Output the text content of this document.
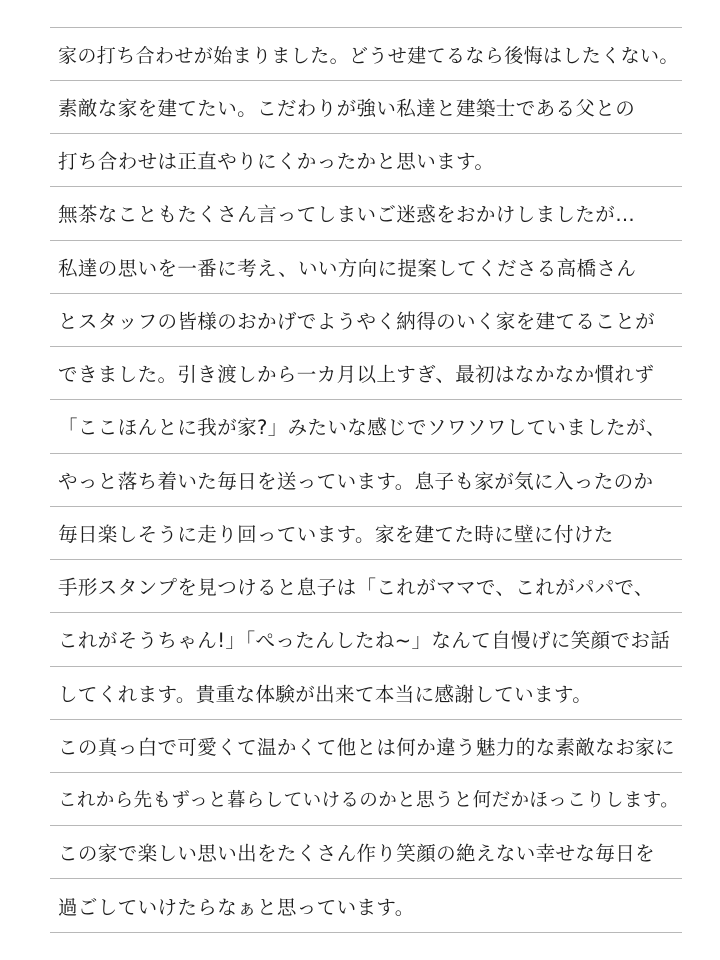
家の打ち合わせが始まりました。どうせ建てるなら後悔はしたくない。
素敵な家を建てたい。こだわりが強い私達と建築士である父との
打ち合わせは正直やりにくかったかと思います。
無茶なこともたくさん言ってしまいご迷惑をおかけしましたが…
私達の思いを一番に考え、いい方向に提案してくださる高橋さん
とスタッフの皆様のおかげでようやく納得のいく家を建てることが
できました。引き渡しから一カ月以上すぎ、最初はなかなか慣れず
「ここほんとに我が家?」みたいな感じでソワソワしていましたが、
やっと落ち着いた毎日を送っています。息子も家が気に入ったのか
毎日楽しそうに走り回っています。家を建てた時に壁に付けた
手形スタンプを見つけると息子は「これがママで、これがパパで、
これがそうちゃん!」「ぺったんしたね~」なんて自慢げに笑顔でお話
してくれます。貴重な体験が出来て本当に感謝しています。
この真っ白で可愛くて温かくて他とは何か違う魅力的な素敵なお家に
これから先もずっと暮らしていけるのかと思うと何だかほっこりします。
この家で楽しい思い出をたくさん作り笑顔の絶えない幸せな毎日を
過ごしていけたらなぁと思っています。
